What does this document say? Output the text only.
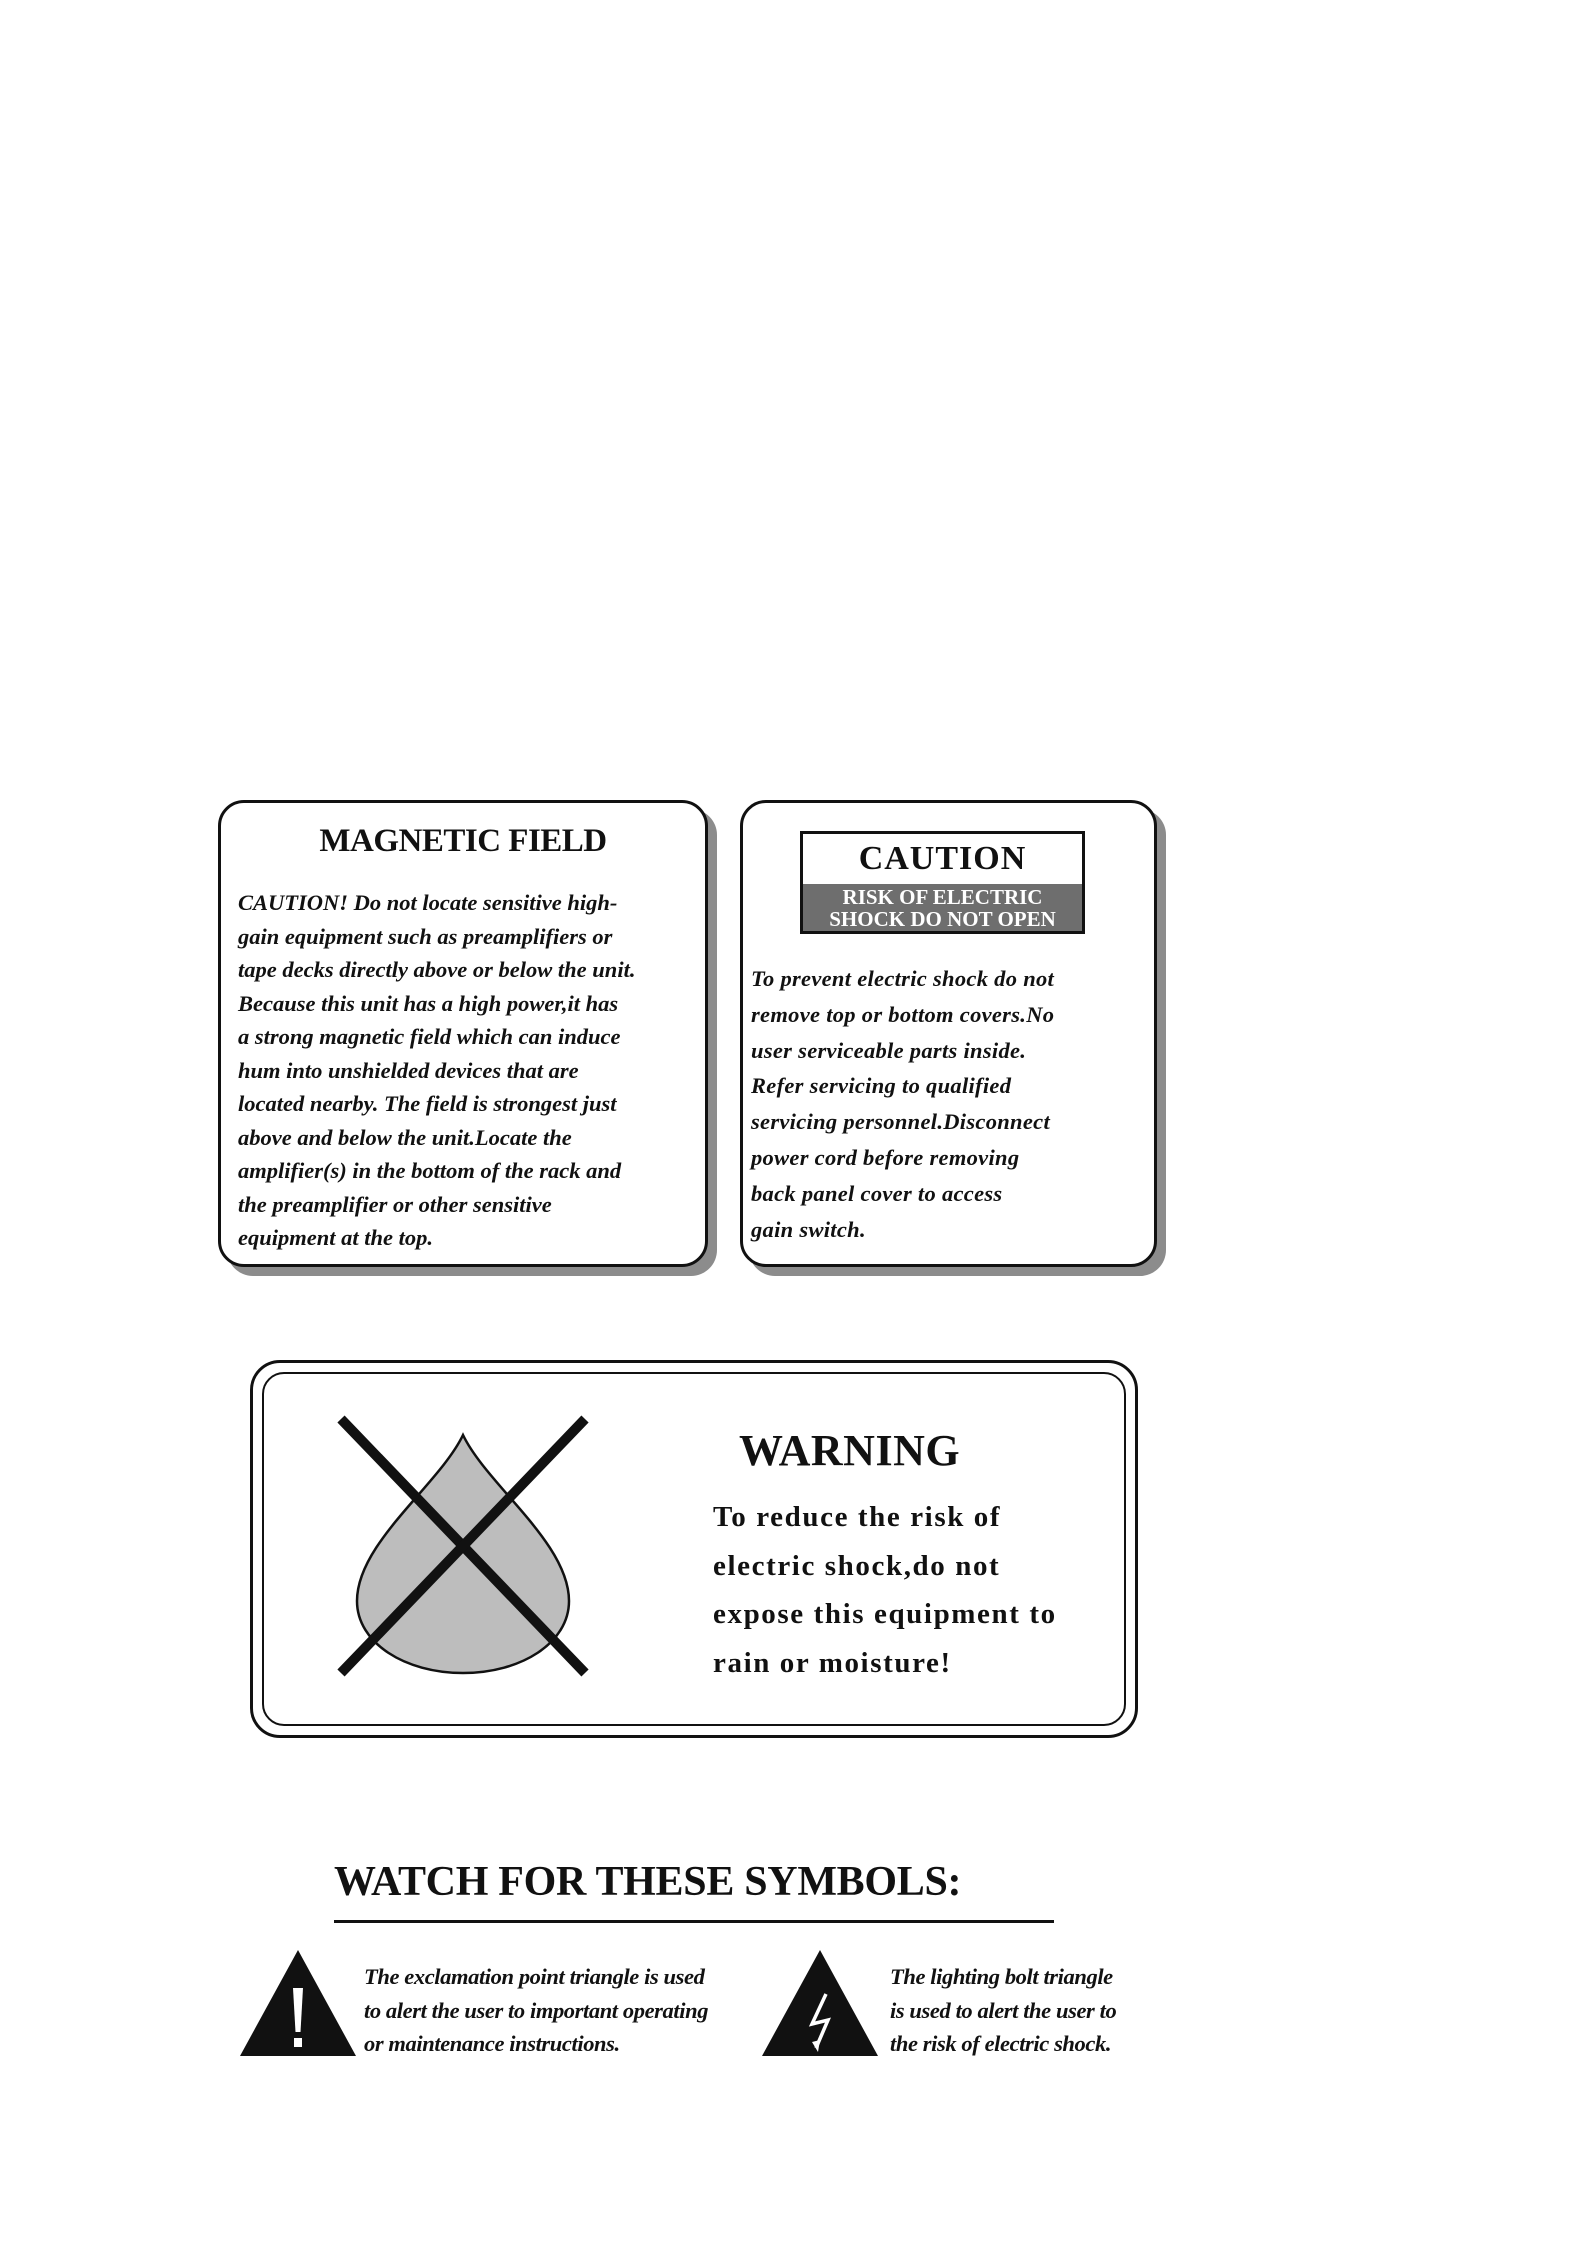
MAGNETIC FIELD
CAUTION! Do not locate sensitive high-
gain equipment such as preamplifiers or
tape decks directly above or below the unit.
Because this unit has a high power,it has
a strong magnetic field which can induce
hum into unshielded devices that are
located nearby. The field is strongest just
above and below the unit.Locate the
amplifier(s) in the bottom of the rack and
the preamplifier or other sensitive
equipment at the top.
CAUTION
RISK OF ELECTRIC
SHOCK DO NOT OPEN
To prevent electric shock do not
remove top or bottom covers.No
user serviceable parts inside.
Refer servicing to qualified
servicing personnel.Disconnect
power cord before removing
back panel cover to access
gain switch.
WARNING
To reduce the risk of
electric shock,do not
expose this equipment to
rain or moisture!
WATCH FOR THESE SYMBOLS:
The exclamation point triangle is used
to alert the user to important operating
or maintenance instructions.
The lighting bolt triangle
is used to alert the user to
the risk of electric shock.
